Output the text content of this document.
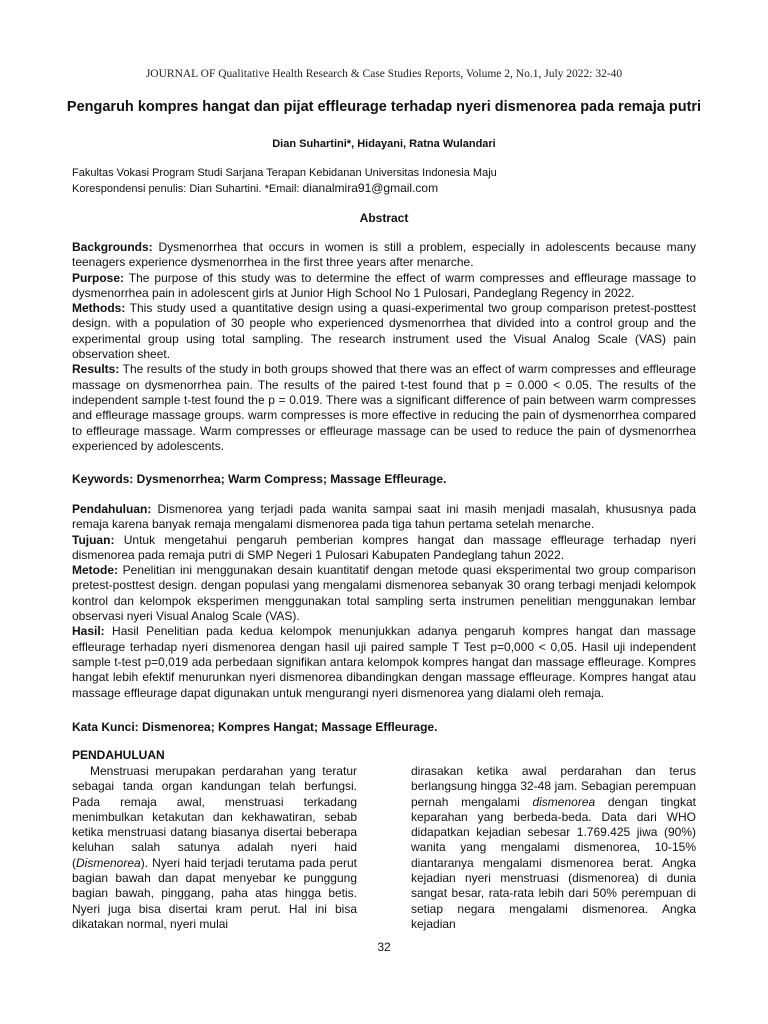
JOURNAL OF Qualitative Health Research & Case Studies Reports, Volume 2, No.1, July 2022: 32-40
Pengaruh kompres hangat dan pijat effleurage terhadap nyeri dismenorea pada remaja putri
Dian Suhartini*, Hidayani, Ratna Wulandari
Fakultas Vokasi Program Studi Sarjana Terapan Kebidanan Universitas Indonesia Maju
Korespondensi penulis: Dian Suhartini. *Email: dianalmira91@gmail.com
Abstract

Backgrounds: Dysmenorrhea that occurs in women is still a problem, especially in adolescents because many teenagers experience dysmenorrhea in the first three years after menarche.

Purpose: The purpose of this study was to determine the effect of warm compresses and effleurage massage to dysmenorrhea pain in adolescent girls at Junior High School No 1 Pulosari, Pandeglang Regency in 2022.

Methods: This study used a quantitative design using a quasi-experimental two group comparison pretest-posttest design. with a population of 30 people who experienced dysmenorrhea that divided into a control group and the experimental group using total sampling. The research instrument used the Visual Analog Scale (VAS) pain observation sheet.

Results: The results of the study in both groups showed that there was an effect of warm compresses and effleurage massage on dysmenorrhea pain. The results of the paired t-test found that p = 0.000 < 0.05. The results of the independent sample t-test found the p = 0.019. There was a significant difference of pain between warm compresses and effleurage massage groups. warm compresses is more effective in reducing the pain of dysmenorrhea compared to effleurage massage. Warm compresses or effleurage massage can be used to reduce the pain of dysmenorrhea experienced by adolescents.

Keywords: Dysmenorrhea; Warm Compress; Massage Effleurage.

Pendahuluan: Dismenorea yang terjadi pada wanita sampai saat ini masih menjadi masalah, khususnya pada remaja karena banyak remaja mengalami dismenorea pada tiga tahun pertama setelah menarche.

Tujuan: Untuk mengetahui pengaruh pemberian kompres hangat dan massage effleurage terhadap nyeri dismenorea pada remaja putri di SMP Negeri 1 Pulosari Kabupaten Pandeglang tahun 2022.

Metode: Penelitian ini menggunakan desain kuantitatif dengan metode quasi eksperimental two group comparison pretest-posttest design. dengan populasi yang mengalami dismenorea sebanyak 30 orang terbagi menjadi kelompok kontrol dan kelompok eksperimen menggunakan total sampling serta instrumen penelitian menggunakan lembar observasi nyeri Visual Analog Scale (VAS).

Hasil: Hasil Penelitian pada kedua kelompok menunjukkan adanya pengaruh kompres hangat dan massage effleurage terhadap nyeri dismenorea dengan hasil uji paired sample T Test p=0,000 < 0,05. Hasil uji independent sample t-test p=0,019 ada perbedaan signifikan antara kelompok kompres hangat dan massage effleurage. Kompres hangat lebih efektif menurunkan nyeri dismenorea dibandingkan dengan massage effleurage. Kompres hangat atau massage effleurage dapat digunakan untuk mengurangi nyeri dismenorea yang dialami oleh remaja.

Kata Kunci: Dismenorea; Kompres Hangat; Massage Effleurage.
PENDAHULUAN

Menstruasi merupakan perdarahan yang teratur sebagai tanda organ kandungan telah berfungsi. Pada remaja awal, menstruasi terkadang menimbulkan ketakutan dan kekhawatiran, sebab ketika menstruasi datang biasanya disertai beberapa keluhan salah satunya adalah nyeri haid (Dismenorea). Nyeri haid terjadi terutama pada perut bagian bawah dan dapat menyebar ke punggung bagian bawah, pinggang, paha atas hingga betis. Nyeri juga bisa disertai kram perut. Hal ini bisa dikatakan normal, nyeri mulai

dirasakan ketika awal perdarahan dan terus berlangsung hingga 32-48 jam. Sebagian perempuan pernah mengalami dismenorea dengan tingkat keparahan yang berbeda-beda. Data dari WHO didapatkan kejadian sebesar 1.769.425 jiwa (90%) wanita yang mengalami dismenorea, 10-15% diantaranya mengalami dismenorea berat. Angka kejadian nyeri menstruasi (dismenorea) di dunia sangat besar, rata-rata lebih dari 50% perempuan di setiap negara mengalami dismenorea. Angka kejadian

32
